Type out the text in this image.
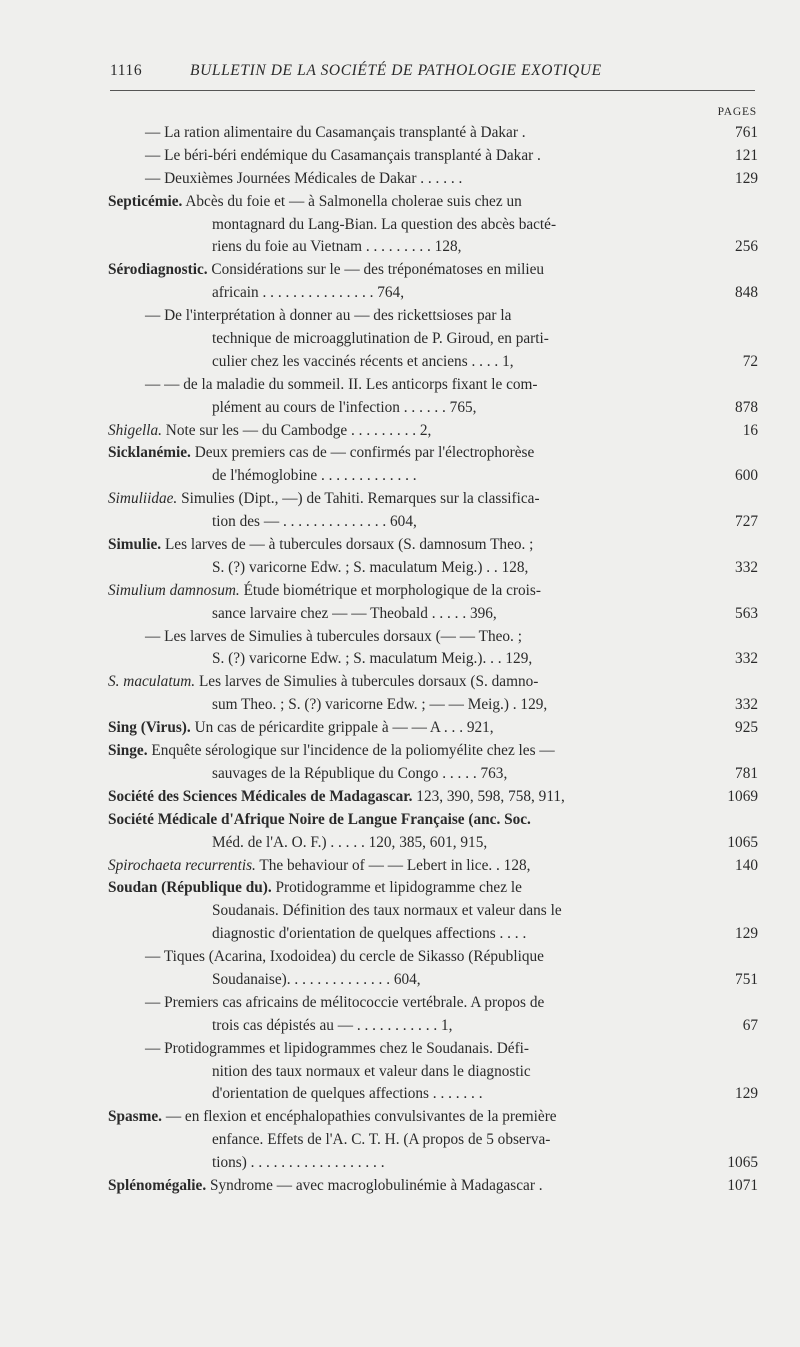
1116	BULLETIN DE LA SOCIÉTÉ DE PATHOLOGIE EXOTIQUE
PAGES
— La ration alimentaire du Casamançais transplanté à Dakar .	761
— Le béri-béri endémique du Casamançais transplanté à Dakar .	121
— Deuxièmes Journées Médicales de Dakar . . . . . .	129
Septicémie. Abcès du foie et — à Salmonella cholerae suis chez un
montagnard du Lang-Bian. La question des abcès bacté-
riens du foie au Vietnam . . . . . . . . . 128,	256
Sérodiagnostic. Considérations sur le — des tréponématoses en milieu
africain . . . . . . . . . . . . . . . 764,	848
— De l'interprétation à donner au — des rickettsioses par la
technique de microagglutination de P. Giroud, en parti-
culier chez les vaccinés récents et anciens . . . . 1,	72
— — de la maladie du sommeil. II. Les anticorps fixant le com-
plément au cours de l'infection . . . . . . 765,	878
Shigella. Note sur les — du Cambodge . . . . . . . . . 2,	16
Sicklanémie. Deux premiers cas de — confirmés par l'électrophorèse
de l'hémoglobine . . . . . . . . . . . . .	600
Simuliidae. Simulies (Dipt., —) de Tahiti. Remarques sur la classifica-
tion des — . . . . . . . . . . . . . . 604,	727
Simulie. Les larves de — à tubercules dorsaux (S. damnosum Theo. ;
S. (?) varicorne Edw. ; S. maculatum Meig.) . . 128,	332
Simulium damnosum. Étude biométrique et morphologique de la crois-
sance larvaire chez — — Theobald . . . . . 396,	563
— Les larves de Simulies à tubercules dorsaux (— — Theo. ;
S. (?) varicorne Edw. ; S. maculatum Meig.). . . 129,	332
S. maculatum. Les larves de Simulies à tubercules dorsaux (S. damno-
sum Theo. ; S. (?) varicorne Edw. ; — — Meig.) . 129,	332
Sing (Virus). Un cas de péricardite grippale à — — A . . . 921,	925
Singe. Enquête sérologique sur l'incidence de la poliomyélite chez les —
sauvages de la République du Congo . . . . . 763,	781
Société des Sciences Médicales de Madagascar. 123, 390, 598, 758, 911,	1069
Société Médicale d'Afrique Noire de Langue Française (anc. Soc.
Méd. de l'A. O. F.) . . . . . 120, 385, 601, 915,	1065
Spirochaeta recurrentis. The behaviour of — — Lebert in lice. . 128,	140
Soudan (République du). Protidogramme et lipidogramme chez le
Soudanais. Définition des taux normaux et valeur dans le
diagnostic d'orientation de quelques affections . . . .	129
— Tiques (Acarina, Ixodoidea) du cercle de Sikasso (République
Soudanaise). . . . . . . . . . . . . . 604,	751
— Premiers cas africains de mélitococcie vertébrale. A propos de
trois cas dépistés au — . . . . . . . . . . . 1,	67
— Protidogrammes et lipidogrammes chez le Soudanais. Défi-
nition des taux normaux et valeur dans le diagnostic
d'orientation de quelques affections . . . . . . .	129
Spasme. — en flexion et encéphalopathies convulsivantes de la première
enfance. Effets de l'A. C. T. H. (A propos de 5 observa-
tions) . . . . . . . . . . . . . . . . . .	1065
Splénomégalie. Syndrome — avec macroglobulinémie à Madagascar .	1071
